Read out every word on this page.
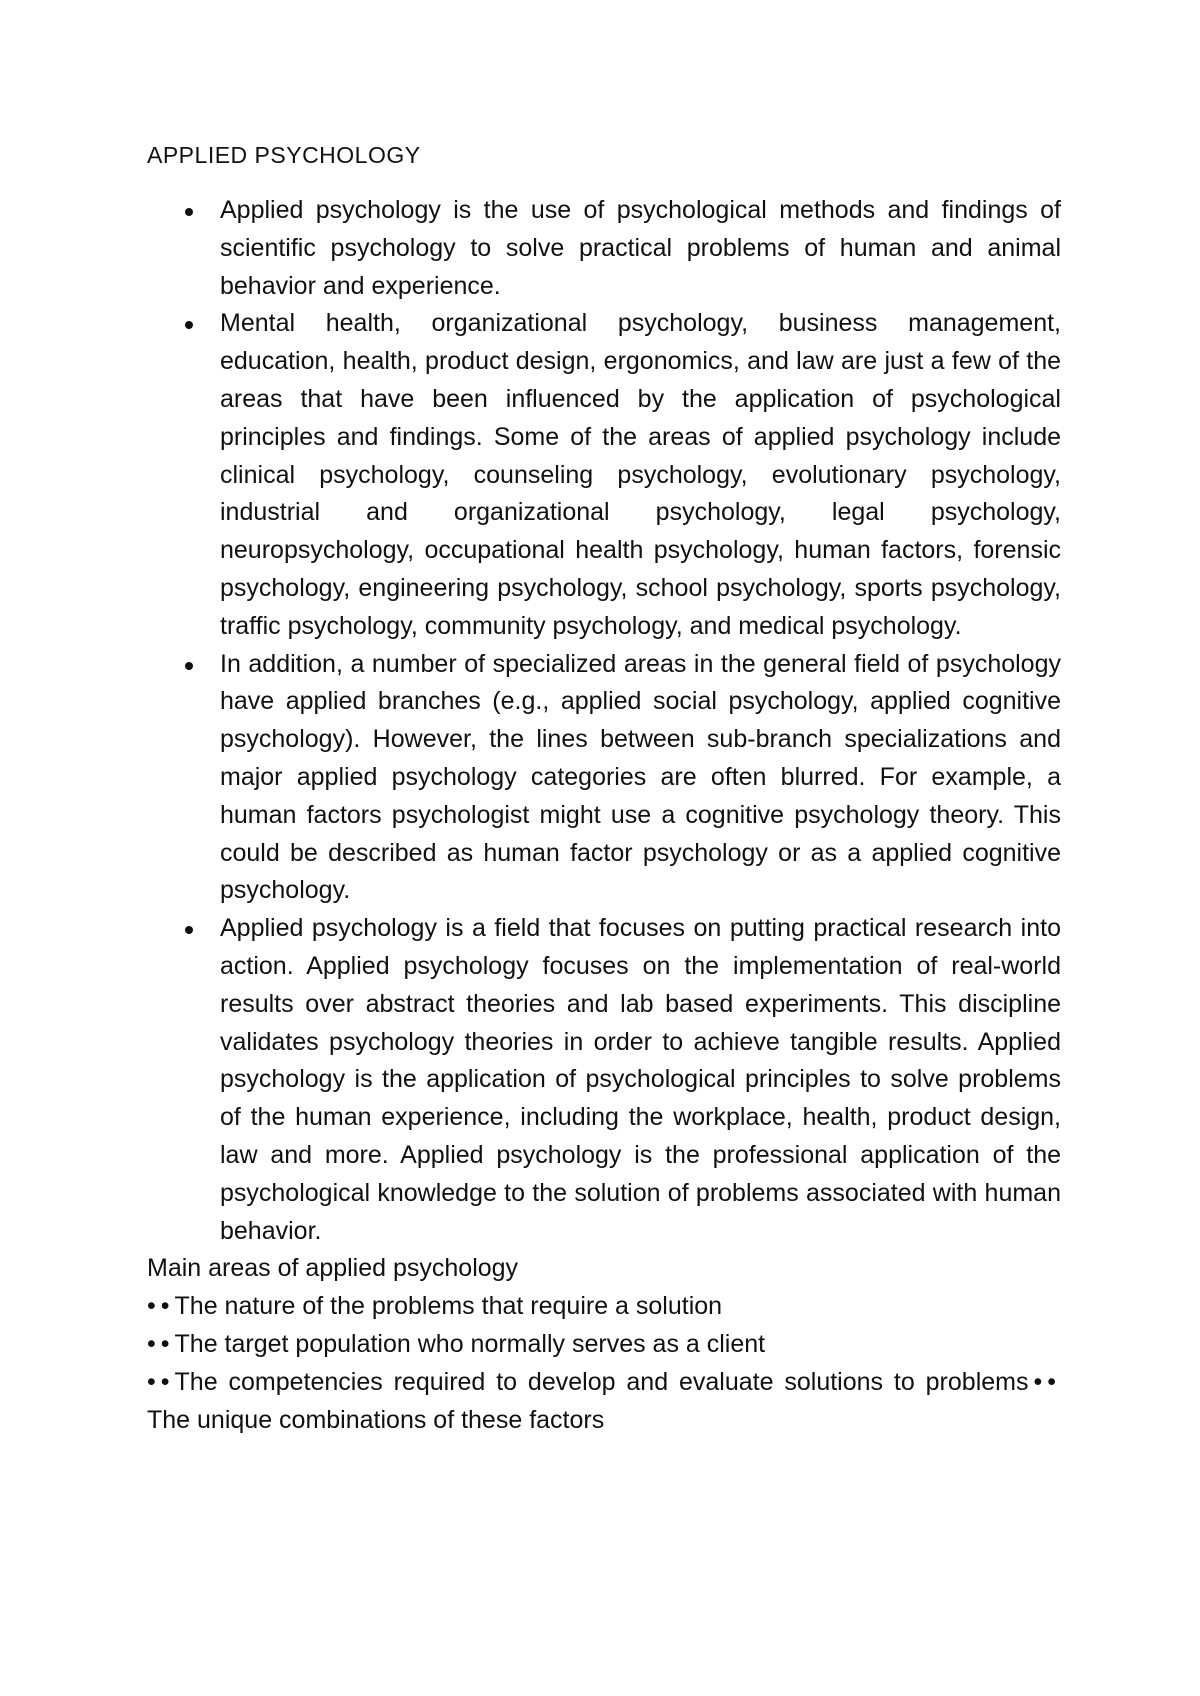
APPLIED PSYCHOLOGY
Applied psychology is the use of psychological methods and findings of scientific psychology to solve practical problems of human and animal behavior and experience.
Mental health, organizational psychology, business management, education, health, product design, ergonomics, and law are just a few of the areas that have been influenced by the application of psychological principles and findings. Some of the areas of applied psychology include clinical psychology, counseling psychology, evolutionary psychology, industrial and organizational psychology, legal psychology, neuropsychology, occupational health psychology, human factors, forensic psychology, engineering psychology, school psychology, sports psychology, traffic psychology, community psychology, and medical psychology.
In addition, a number of specialized areas in the general field of psychology have applied branches (e.g., applied social psychology, applied cognitive psychology). However, the lines between sub-branch specializations and major applied psychology categories are often blurred. For example, a human factors psychologist might use a cognitive psychology theory. This could be described as human factor psychology or as a applied cognitive psychology.
Applied psychology is a field that focuses on putting practical research into action. Applied psychology focuses on the implementation of real-world results over abstract theories and lab based experiments. This discipline validates psychology theories in order to achieve tangible results. Applied psychology is the application of psychological principles to solve problems of the human experience, including the workplace, health, product design, law and more. Applied psychology is the professional application of the psychological knowledge to the solution of problems associated with human behavior.

Main areas of applied psychology

• • The nature of the problems that require a solution

• • The target population who normally serves as a client

• • The competencies required to develop and evaluate solutions to problems • • The unique combinations of these factors
